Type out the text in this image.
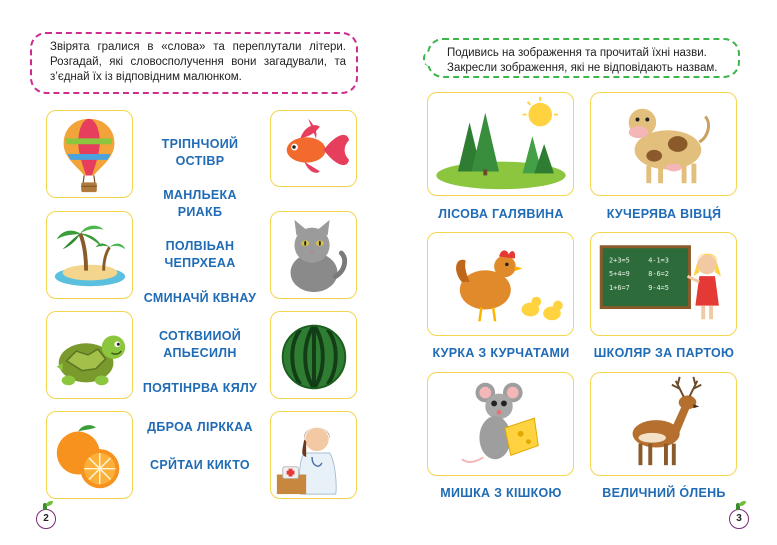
Звірята гралися в «слова» та переплутали літери. Розгадай, які словосполучення вони загадували, та з’єднай їх із відповідним малюнком.
ТРІПНЧОИЙ ОСТІВР
МАНЛЬЕКА РИАКБ
ПОЛВІЬАН ЧЕПРХЕАА
СМИНАЧЙ КВНАУ
СОТКВИИОЙ АПЬЕСИЛН
ПОЯТІНРВА КЯЛУ
ДБРОА ЛІРККАА
СРЙТАИ КИКТО
2
Подивись на зображення та прочитай їхні назви. Закресли зображення, які не відповідають назвам.
ЛІСОВА ГАЛЯВИНА	КУЧЕРЯВА ВІВЦЯ́
2+3=5	4-1=3
5+4=9	8-6=2
1+6=7	9-4=5
КУРКА З КУРЧАТАМИ	ШКОЛЯР ЗА ПАРТОЮ
МИШКА З КІШКОЮ	ВЕЛИЧНИЙ О́ЛЕНЬ
3
